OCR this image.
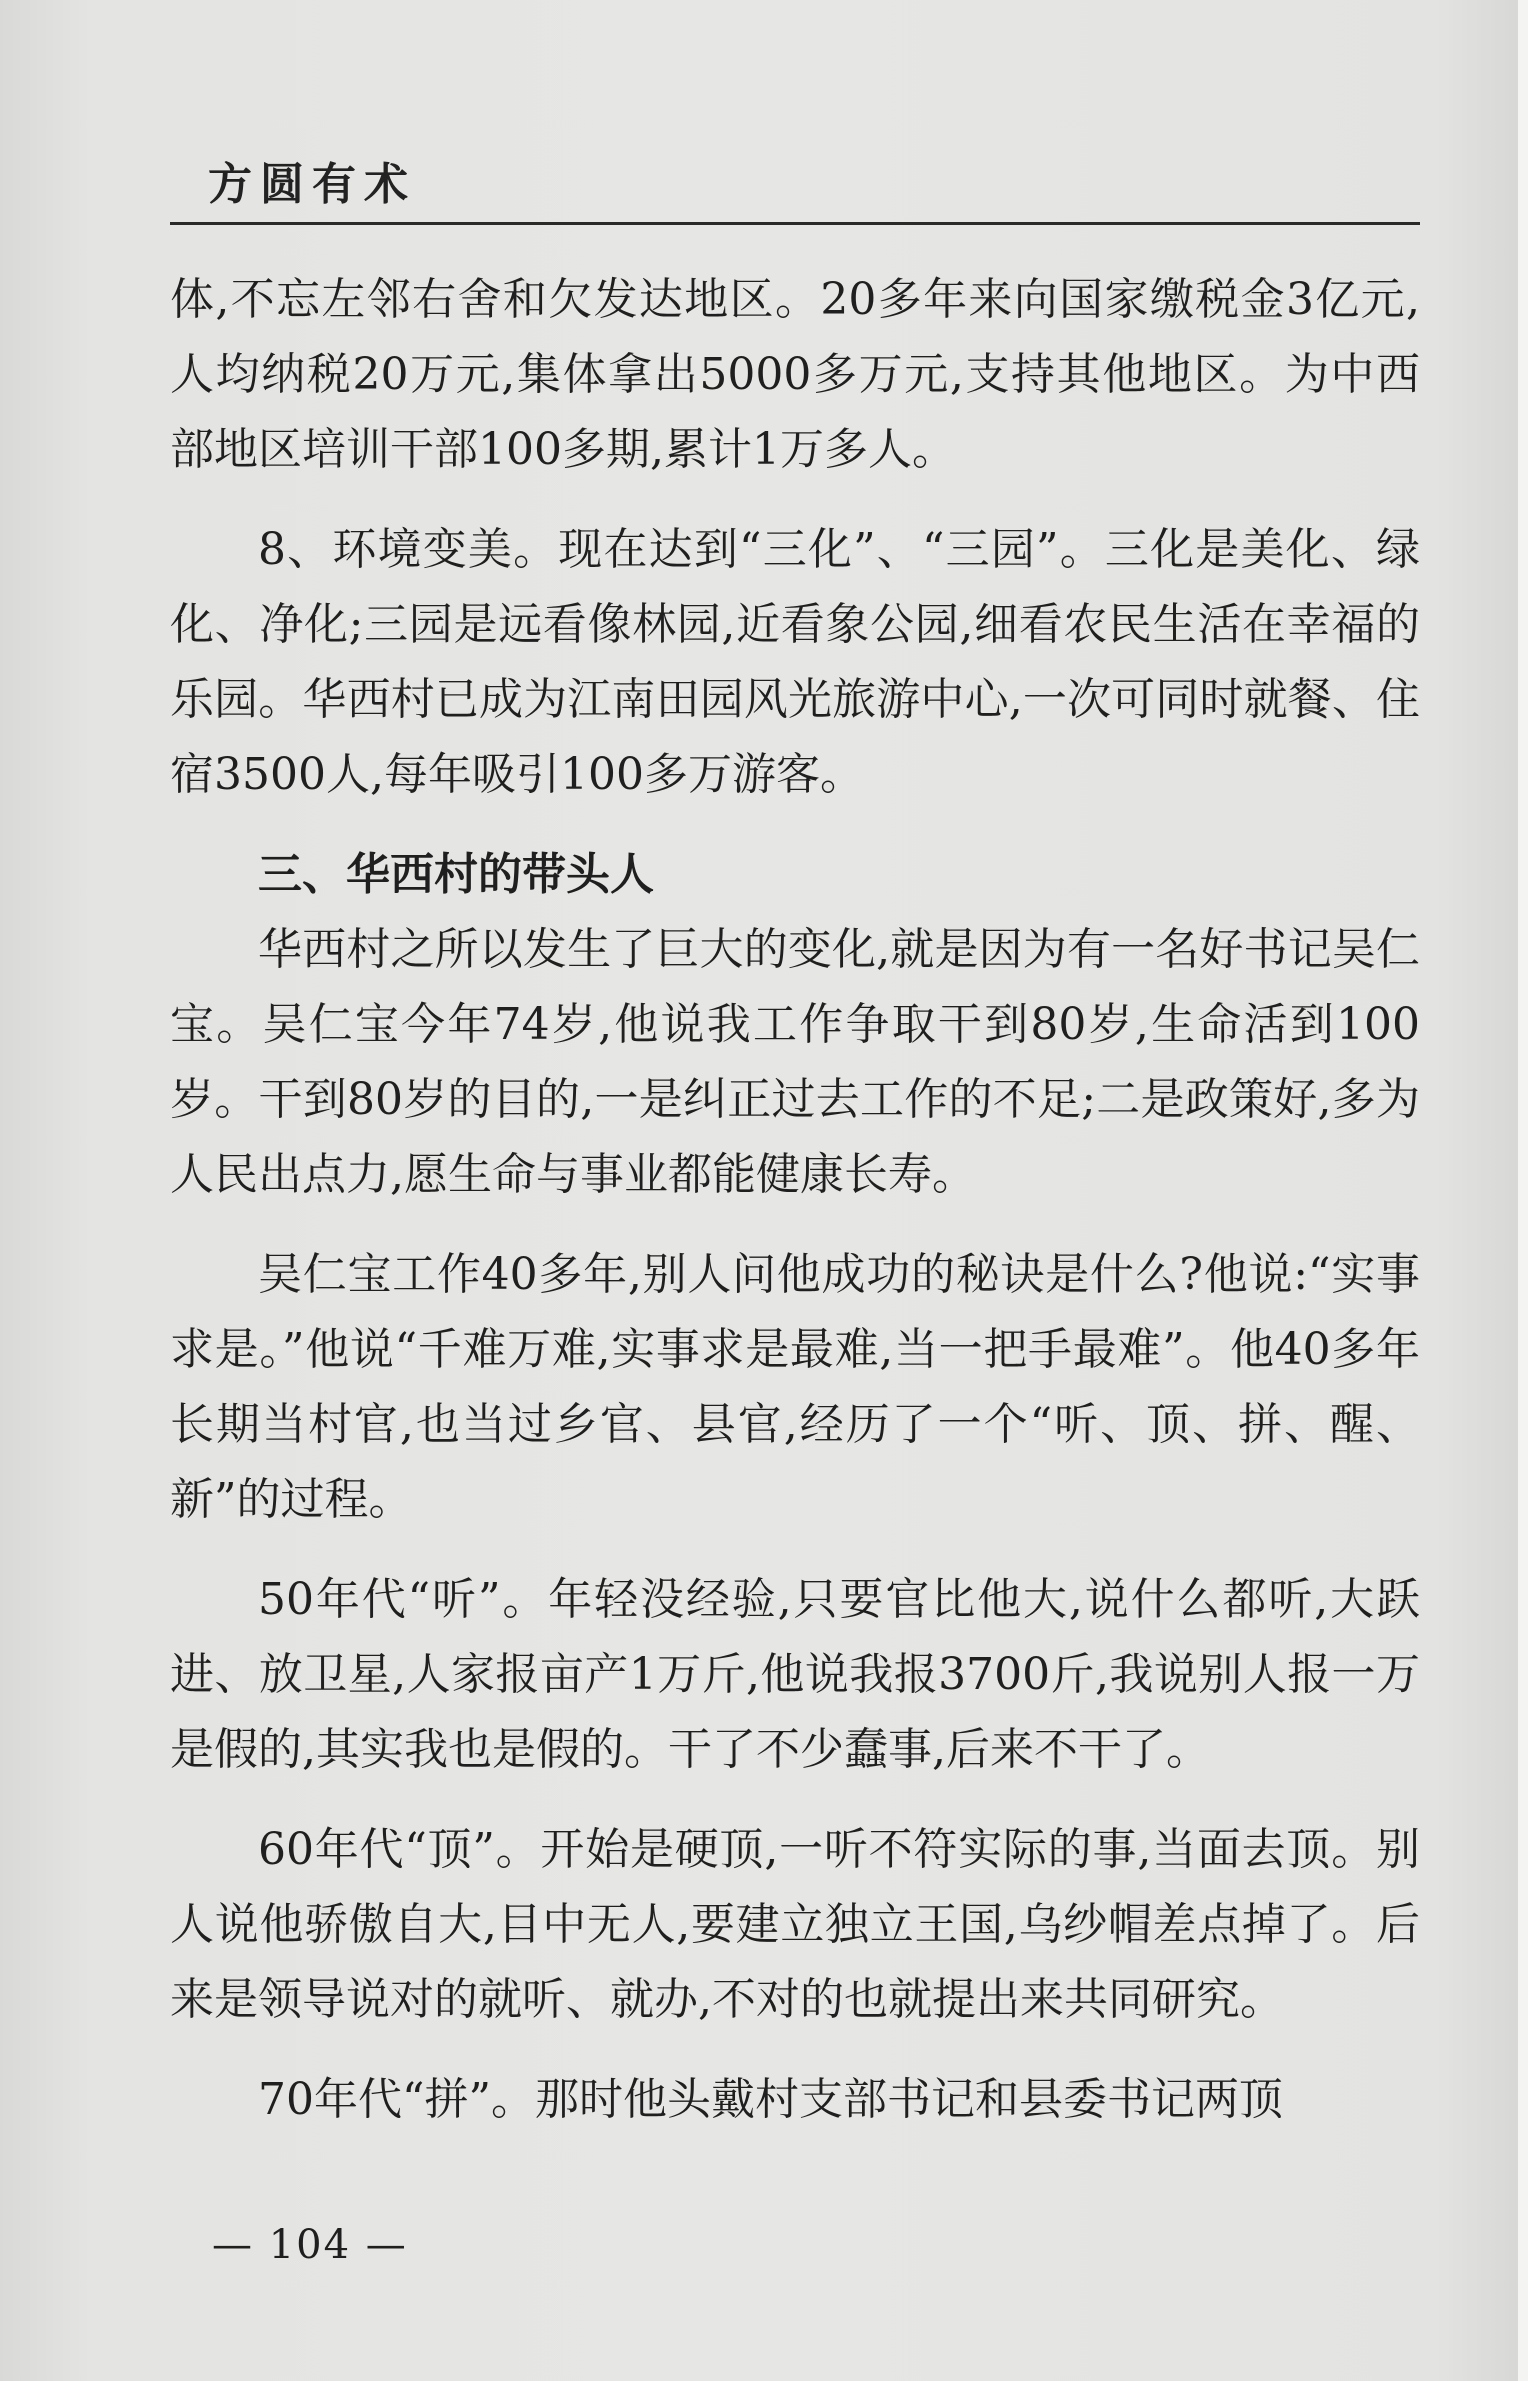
方圆有术

体,不忘左邻右舍和欠发达地区。20多年来向国家缴税金3亿元,人均纳税20万元,集体拿出5000多万元,支持其他地区。为中西部地区培训干部100多期,累计1万多人。

8、环境变美。现在达到“三化”、“三园”。三化是美化、绿化、净化;三园是远看像林园,近看象公园,细看农民生活在幸福的乐园。华西村已成为江南田园风光旅游中心,一次可同时就餐、住宿3500人,每年吸引100多万游客。

三、华西村的带头人

华西村之所以发生了巨大的变化,就是因为有一名好书记吴仁宝。吴仁宝今年74岁,他说我工作争取干到80岁,生命活到100岁。干到80岁的目的,一是纠正过去工作的不足;二是政策好,多为人民出点力,愿生命与事业都能健康长寿。

吴仁宝工作40多年,别人问他成功的秘诀是什么?他说:“实事求是。”他说“千难万难,实事求是最难,当一把手最难”。他40多年长期当村官,也当过乡官、县官,经历了一个“听、顶、拼、醒、新”的过程。

50年代“听”。年轻没经验,只要官比他大,说什么都听,大跃进、放卫星,人家报亩产1万斤,他说我报3700斤,我说别人报一万是假的,其实我也是假的。干了不少蠢事,后来不干了。

60年代“顶”。开始是硬顶,一听不符实际的事,当面去顶。别人说他骄傲自大,目中无人,要建立独立王国,乌纱帽差点掉了。后来是领导说对的就听、就办,不对的也就提出来共同研究。

70年代“拼”。那时他头戴村支部书记和县委书记两顶

— 104 —
